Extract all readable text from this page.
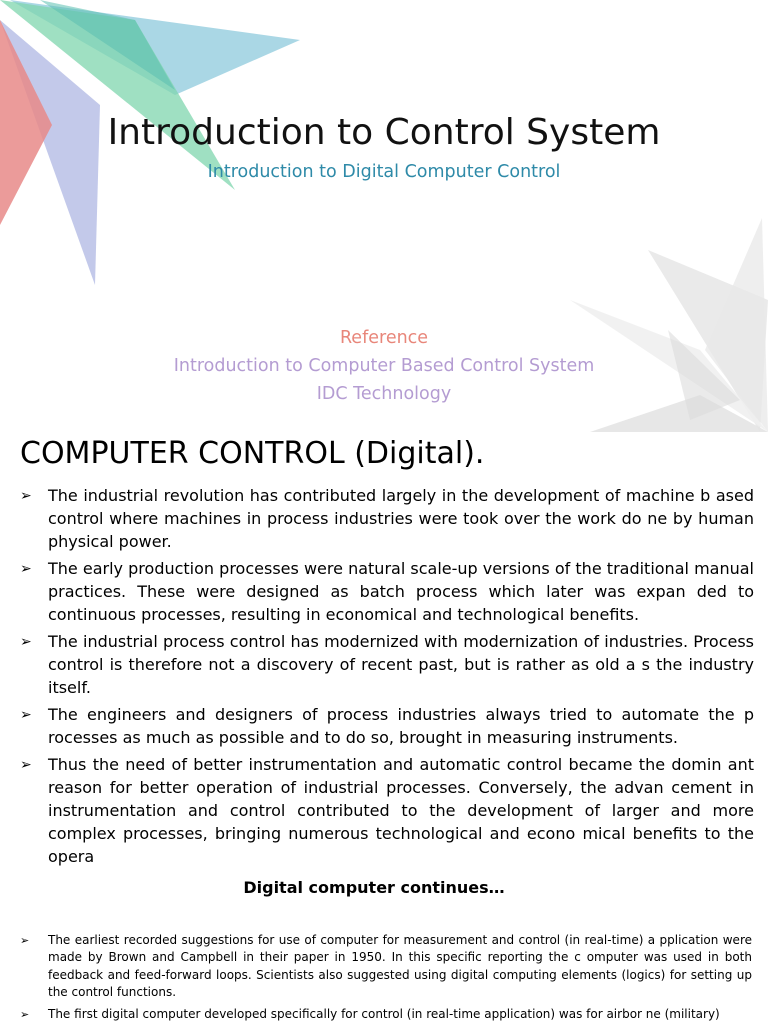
Introduction to Control System
Introduction to Digital Computer Control
Reference
Introduction to Computer Based Control System
IDC Technology
COMPUTER CONTROL (Digital).
➢ The industrial revolution has contributed largely in the development of machine b ased control where machines in process industries were took over the work do ne by human physical power.
➢ The early production processes were natural scale-up versions of the traditional manual practices. These were designed as batch process which later was expan ded to continuous processes, resulting in economical and technological benefits.
➢ The industrial process control has modernized with modernization of industries. Process control is therefore not a discovery of recent past, but is rather as old a s the industry itself.
➢ The engineers and designers of process industries always tried to automate the p rocesses as much as possible and to do so, brought in measuring instruments.
➢ Thus the need of better instrumentation and automatic control became the domin ant reason for better operation of industrial processes. Conversely, the advan cement in instrumentation and control contributed to the development of larger and more complex processes, bringing numerous technological and econo mical benefits to the opera
Digital computer continues…
➢ The earliest recorded suggestions for use of computer for measurement and control (in real-time) a pplication were made by Brown and Campbell in their paper in 1950. In this specific reporting the c omputer was used in both feedback and feed-forward loops. Scientists also suggested using digital computing elements (logics) for setting up the control functions.
➢ The first digital computer developed specifically for control (in real-time application) was for airbor ne (military)
